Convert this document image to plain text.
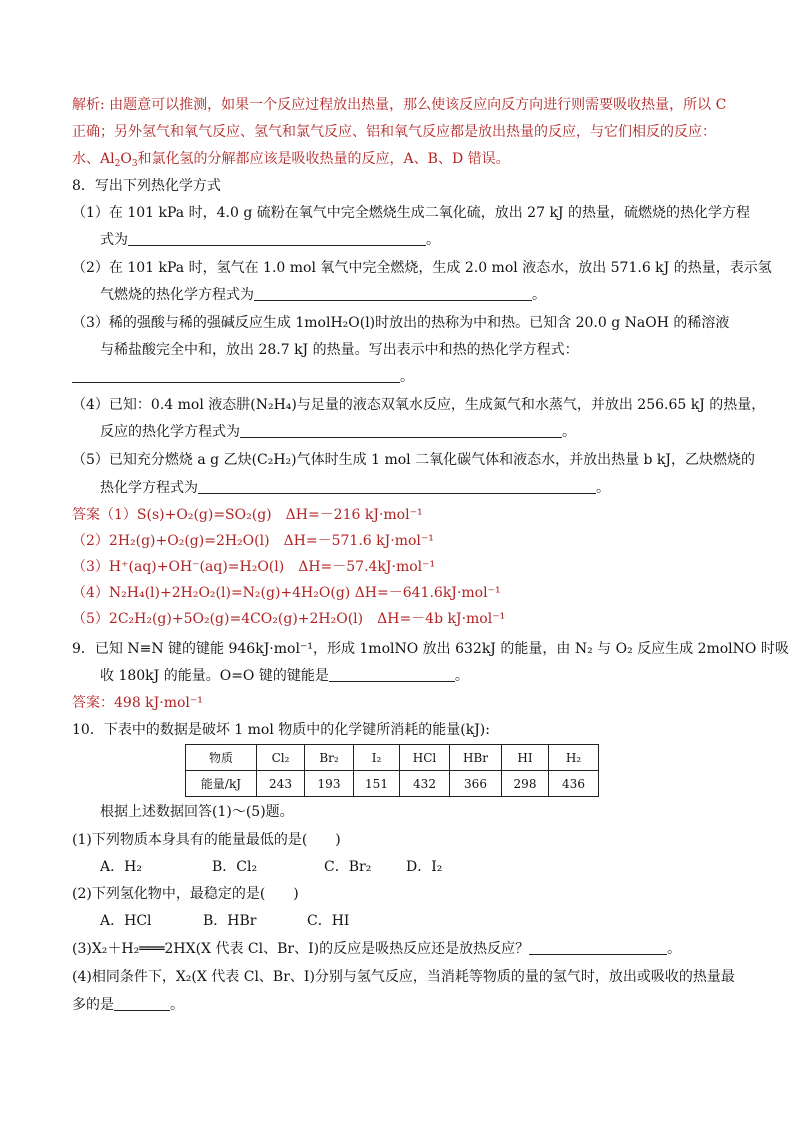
解析: 由题意可以推测，如果一个反应过程放出热量，那么使该反应向反方向进行则需要吸收热量，所以 C
正确；另外氢气和氧气反应、氢气和氯气反应、铝和氧气反应都是放出热量的反应，与它们相反的反应：
水、$Al_2O_3$和氯化氢的分解都应该是吸收热量的反应，A、B、D 错误。
8．写出下列热化学方式
（1）在 101 kPa 时，4.0 g 硫粉在氧气中完全燃烧生成二氧化硫，放出 27 kJ 的热量，硫燃烧的热化学方程
式为	。
（2）在 101 kPa 时，氢气在 1.0 mol 氧气中完全燃烧，生成 2.0 mol 液态水，放出 571.6 kJ 的热量，表示氢
气燃烧的热化学方程式为	。
（3）稀的强酸与稀的强碱反应生成 1molH₂O(l)时放出的热称为中和热。已知含 20.0 g NaOH 的稀溶液
与稀盐酸完全中和，放出 28.7 kJ 的热量。写出表示中和热的热化学方程式：
。
（4）已知：0.4 mol 液态肼(N₂H₄)与足量的液态双氧水反应，生成氮气和水蒸气，并放出 256.65 kJ 的热量，
反应的热化学方程式为	。
（5）已知充分燃烧 a g 乙炔(C₂H₂)气体时生成 1 mol 二氧化碳气体和液态水，并放出热量 b kJ，乙炔燃烧的
热化学方程式为	。
答案（1）S(s)+O₂(g)=SO₂(g)　ΔH=－216 kJ·mol⁻¹
（2）2H₂(g)+O₂(g)=2H₂O(l)　ΔH=－571.6 kJ·mol⁻¹
（3）H⁺(aq)+OH⁻(aq)=H₂O(l)　ΔH=－57.4kJ·mol⁻¹
（4）N₂H₄(l)+2H₂O₂(l)=N₂(g)+4H₂O(g) ΔH=－641.6kJ·mol⁻¹
（5）2C₂H₂(g)+5O₂(g)=4CO₂(g)+2H₂O(l)　ΔH=－4b kJ·mol⁻¹
9．已知 N≡N 键的键能 946kJ·mol⁻¹，形成 1molNO 放出 632kJ 的能量，由 N₂ 与 O₂ 反应生成 2molNO 时吸
收 180kJ 的能量。O=O 键的键能是	。
答案：498 kJ·mol⁻¹
10．下表中的数据是破坏 1 mol 物质中的化学键所消耗的能量(kJ):
物质	Cl₂	Br₂	I₂	HCl	HBr	HI	H₂
能量/kJ	243	193	151	432	366	298	436
根据上述数据回答(1)～(5)题。
(1)下列物质本身具有的能量最低的是(　　)
A．H₂	B．Cl₂	C．Br₂ D．I₂
(2)下列氢化物中，最稳定的是(　　)
A．HCl	B．HBr	C．HI
(3)X₂＋H₂═══2HX(X 代表 Cl、Br、I)的反应是吸热反应还是放热反应？	。
(4)相同条件下，X₂(X 代表 Cl、Br、I)分别与氢气反应，当消耗等物质的量的氢气时，放出或吸收的热量最
多的是	。
